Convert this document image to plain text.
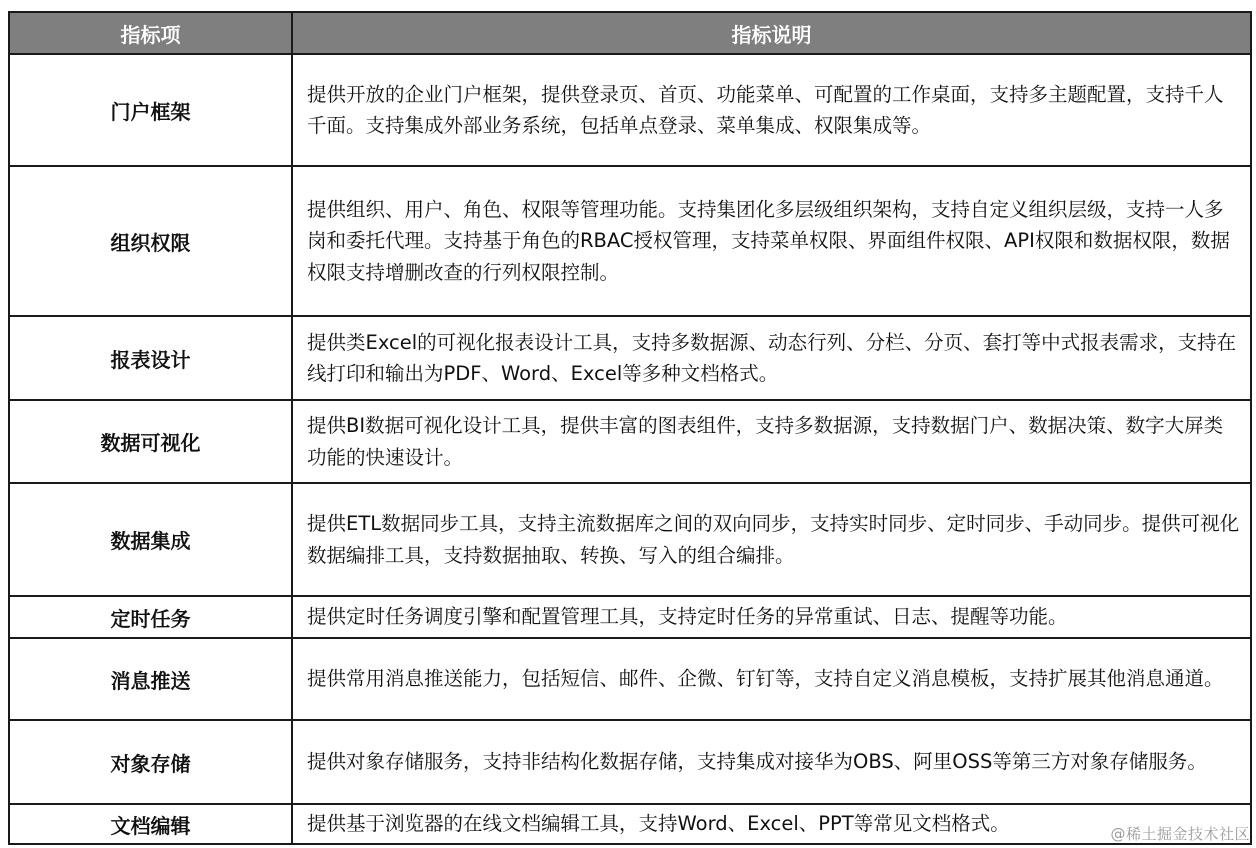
指标项	指标说明
门户框架	提供开放的企业门户框架，提供登录页、首页、功能菜单、可配置的工作桌面，支持多主题配置，支持千人千面。支持集成外部业务系统，包括单点登录、菜单集成、权限集成等。
组织权限	提供组织、用户、角色、权限等管理功能。支持集团化多层级组织架构，支持自定义组织层级，支持一人多岗和委托代理。支持基于角色的RBAC授权管理，支持菜单权限、界面组件权限、API权限和数据权限，数据权限支持增删改查的行列权限控制。
报表设计	提供类Excel的可视化报表设计工具，支持多数据源、动态行列、分栏、分页、套打等中式报表需求，支持在线打印和输出为PDF、Word、Excel等多种文档格式。
数据可视化	提供BI数据可视化设计工具，提供丰富的图表组件，支持多数据源，支持数据门户、数据决策、数字大屏类功能的快速设计。
数据集成	提供ETL数据同步工具，支持主流数据库之间的双向同步，支持实时同步、定时同步、手动同步。提供可视化数据编排工具，支持数据抽取、转换、写入的组合编排。
定时任务	提供定时任务调度引擎和配置管理工具，支持定时任务的异常重试、日志、提醒等功能。
消息推送	提供常用消息推送能力，包括短信、邮件、企微、钉钉等，支持自定义消息模板，支持扩展其他消息通道。
对象存储	提供对象存储服务，支持非结构化数据存储，支持集成对接华为OBS、阿里OSS等第三方对象存储服务。
文档编辑	提供基于浏览器的在线文档编辑工具，支持Word、Excel、PPT等常见文档格式。	@稀土掘金技术社区
